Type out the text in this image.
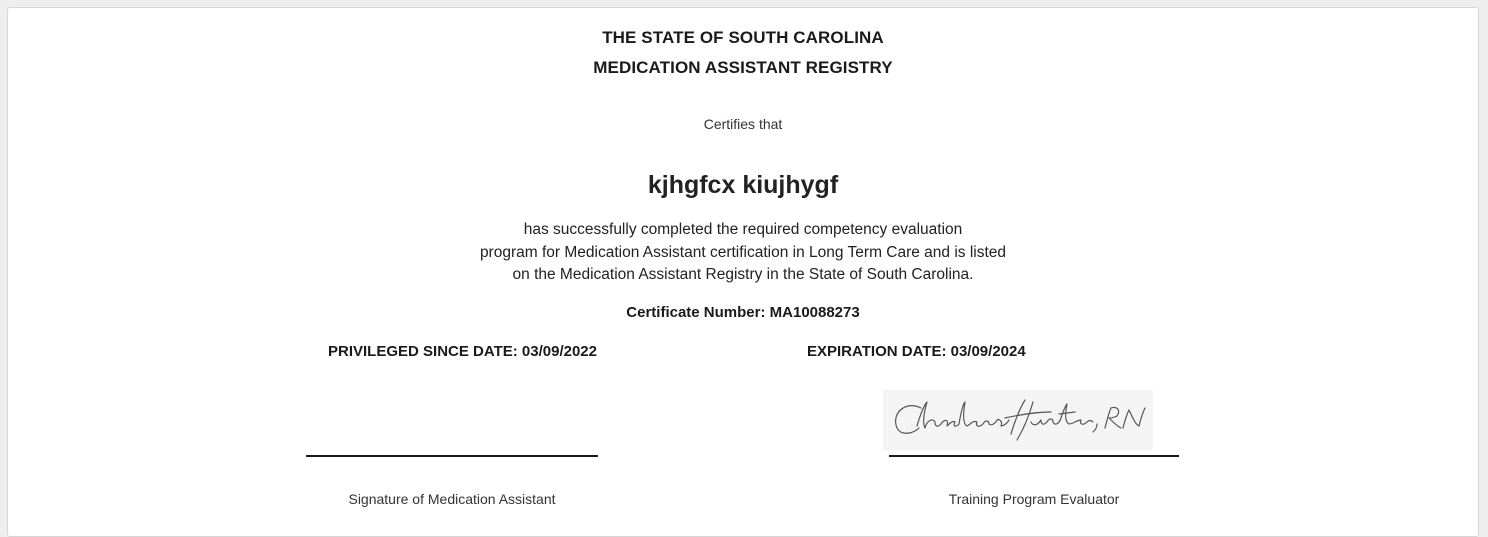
THE STATE OF SOUTH CAROLINA
MEDICATION ASSISTANT REGISTRY
Certifies that
kjhgfcx kiujhygf
has successfully completed the required competency evaluation
program for Medication Assistant certification in Long Term Care and is listed
on the Medication Assistant Registry in the State of South Carolina.
Certificate Number: MA10088273
PRIVILEGED SINCE DATE: 03/09/2022	EXPIRATION DATE: 03/09/2024
Signature of Medication Assistant	Training Program Evaluator
